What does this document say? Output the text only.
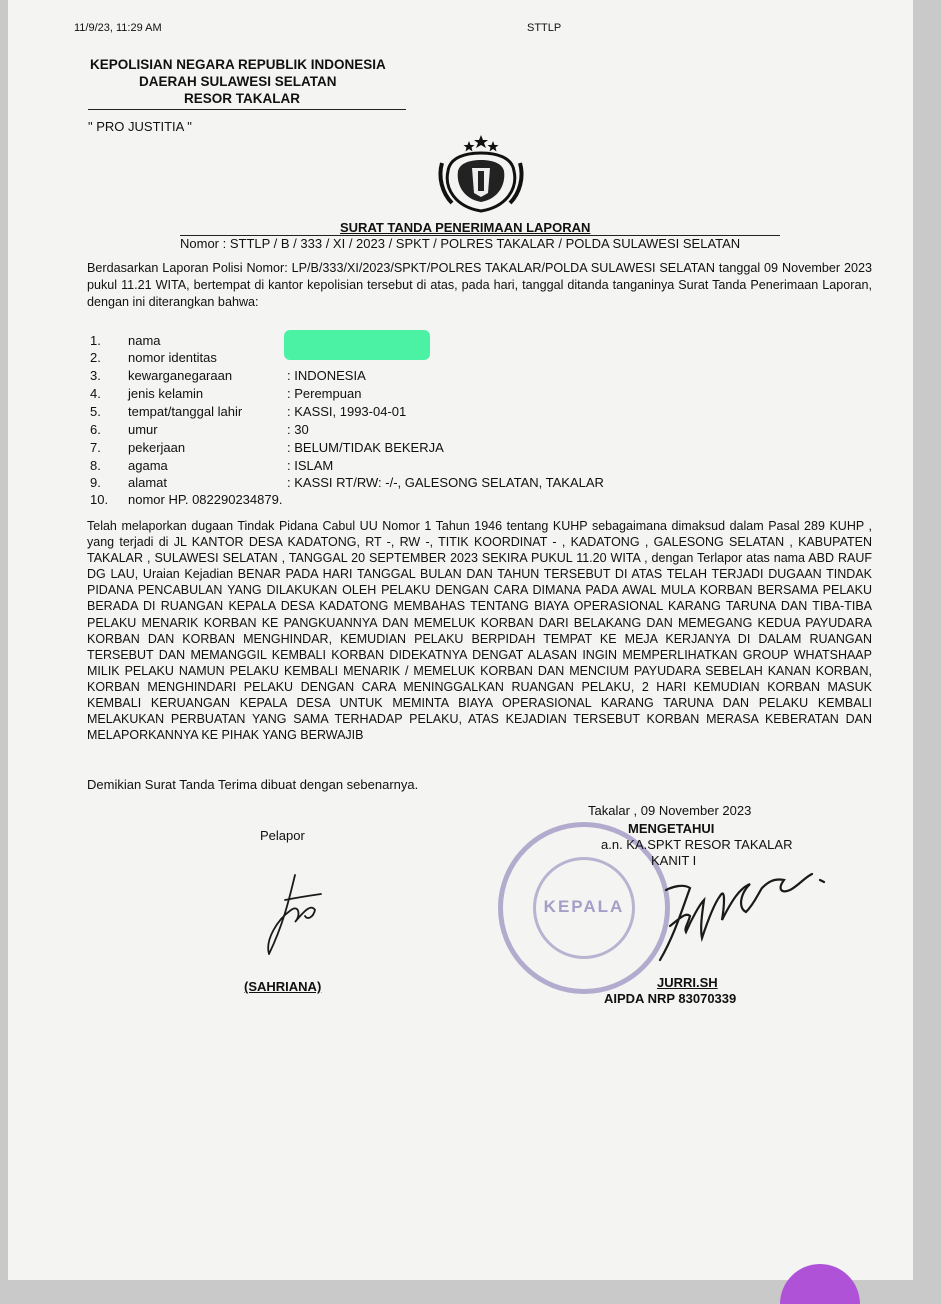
11/9/23, 11:29 AM	STTLP
KEPOLISIAN NEGARA REPUBLIK INDONESIA
DAERAH SULAWESI SELATAN
RESOR TAKALAR
" PRO JUSTITIA "
SURAT TANDA PENERIMAAN LAPORAN
Nomor : STTLP / B / 333 / XI / 2023 / SPKT / POLRES TAKALAR / POLDA SULAWESI SELATAN
Berdasarkan Laporan Polisi Nomor: LP/B/333/XI/2023/SPKT/POLRES TAKALAR/POLDA SULAWESI SELATAN tanggal 09 November 2023 pukul 11.21 WITA, bertempat di kantor kepolisian tersebut di atas, pada hari, tanggal ditanda tanganinya Surat Tanda Penerimaan Laporan, dengan ini diterangkan bahwa:
1. nama
2. nomor identitas
3. kewarganegaraan	: INDONESIA
4. jenis kelamin	: Perempuan
5. tempat/tanggal lahir	: KASSI, 1993-04-01
6. umur	: 30
7. pekerjaan	: BELUM/TIDAK BEKERJA
8. agama	: ISLAM
9. alamat	: KASSI RT/RW: -/-, GALESONG SELATAN, TAKALAR
10. nomor HP. 082290234879.
Telah melaporkan dugaan Tindak Pidana Cabul UU Nomor 1 Tahun 1946 tentang KUHP sebagaimana dimaksud dalam Pasal 289 KUHP , yang terjadi di JL KANTOR DESA KADATONG, RT -, RW -, TITIK KOORDINAT - , KADATONG , GALESONG SELATAN , KABUPATEN TAKALAR , SULAWESI SELATAN , TANGGAL 20 SEPTEMBER 2023 SEKIRA PUKUL 11.20 WITA , dengan Terlapor atas nama ABD RAUF DG LAU, Uraian Kejadian BENAR PADA HARI TANGGAL BULAN DAN TAHUN TERSEBUT DI ATAS TELAH TERJADI DUGAAN TINDAK PIDANA PENCABULAN YANG DILAKUKAN OLEH PELAKU DENGAN CARA DIMANA PADA AWAL MULA KORBAN BERSAMA PELAKU BERADA DI RUANGAN KEPALA DESA KADATONG MEMBAHAS TENTANG BIAYA OPERASIONAL KARANG TARUNA DAN TIBA-TIBA PELAKU MENARIK KORBAN KE PANGKUANNYA DAN MEMELUK KORBAN DARI BELAKANG DAN MEMEGANG KEDUA PAYUDARA KORBAN DAN KORBAN MENGHINDAR, KEMUDIAN PELAKU BERPIDAH TEMPAT KE MEJA KERJANYA DI DALAM RUANGAN TERSEBUT DAN MEMANGGIL KEMBALI KORBAN DIDEKATNYA DENGAT ALASAN INGIN MEMPERLIHATKAN GROUP WHATSHAAP MILIK PELAKU NAMUN PELAKU KEMBALI MENARIK / MEMELUK KORBAN DAN MENCIUM PAYUDARA SEBELAH KANAN KORBAN, KORBAN MENGHINDARI PELAKU DENGAN CARA MENINGGALKAN RUANGAN PELAKU, 2 HARI KEMUDIAN KORBAN MASUK KEMBALI KERUANGAN KEPALA DESA UNTUK MEMINTA BIAYA OPERASIONAL KARANG TARUNA DAN PELAKU KEMBALI MELAKUKAN PERBUATAN YANG SAMA TERHADAP PELAKU, ATAS KEJADIAN TERSEBUT KORBAN MERASA KEBERATAN DAN MELAPORKANNYA KE PIHAK YANG BERWAJIB
Demikian Surat Tanda Terima dibuat dengan sebenarnya.
Takalar , 09 November 2023
Pelapor
(SAHRIANA)
KEPALA
MENGETAHUI
a.n. KA.SPKT RESOR TAKALAR
KANIT I
JURRI.SH
AIPDA NRP 83070339
